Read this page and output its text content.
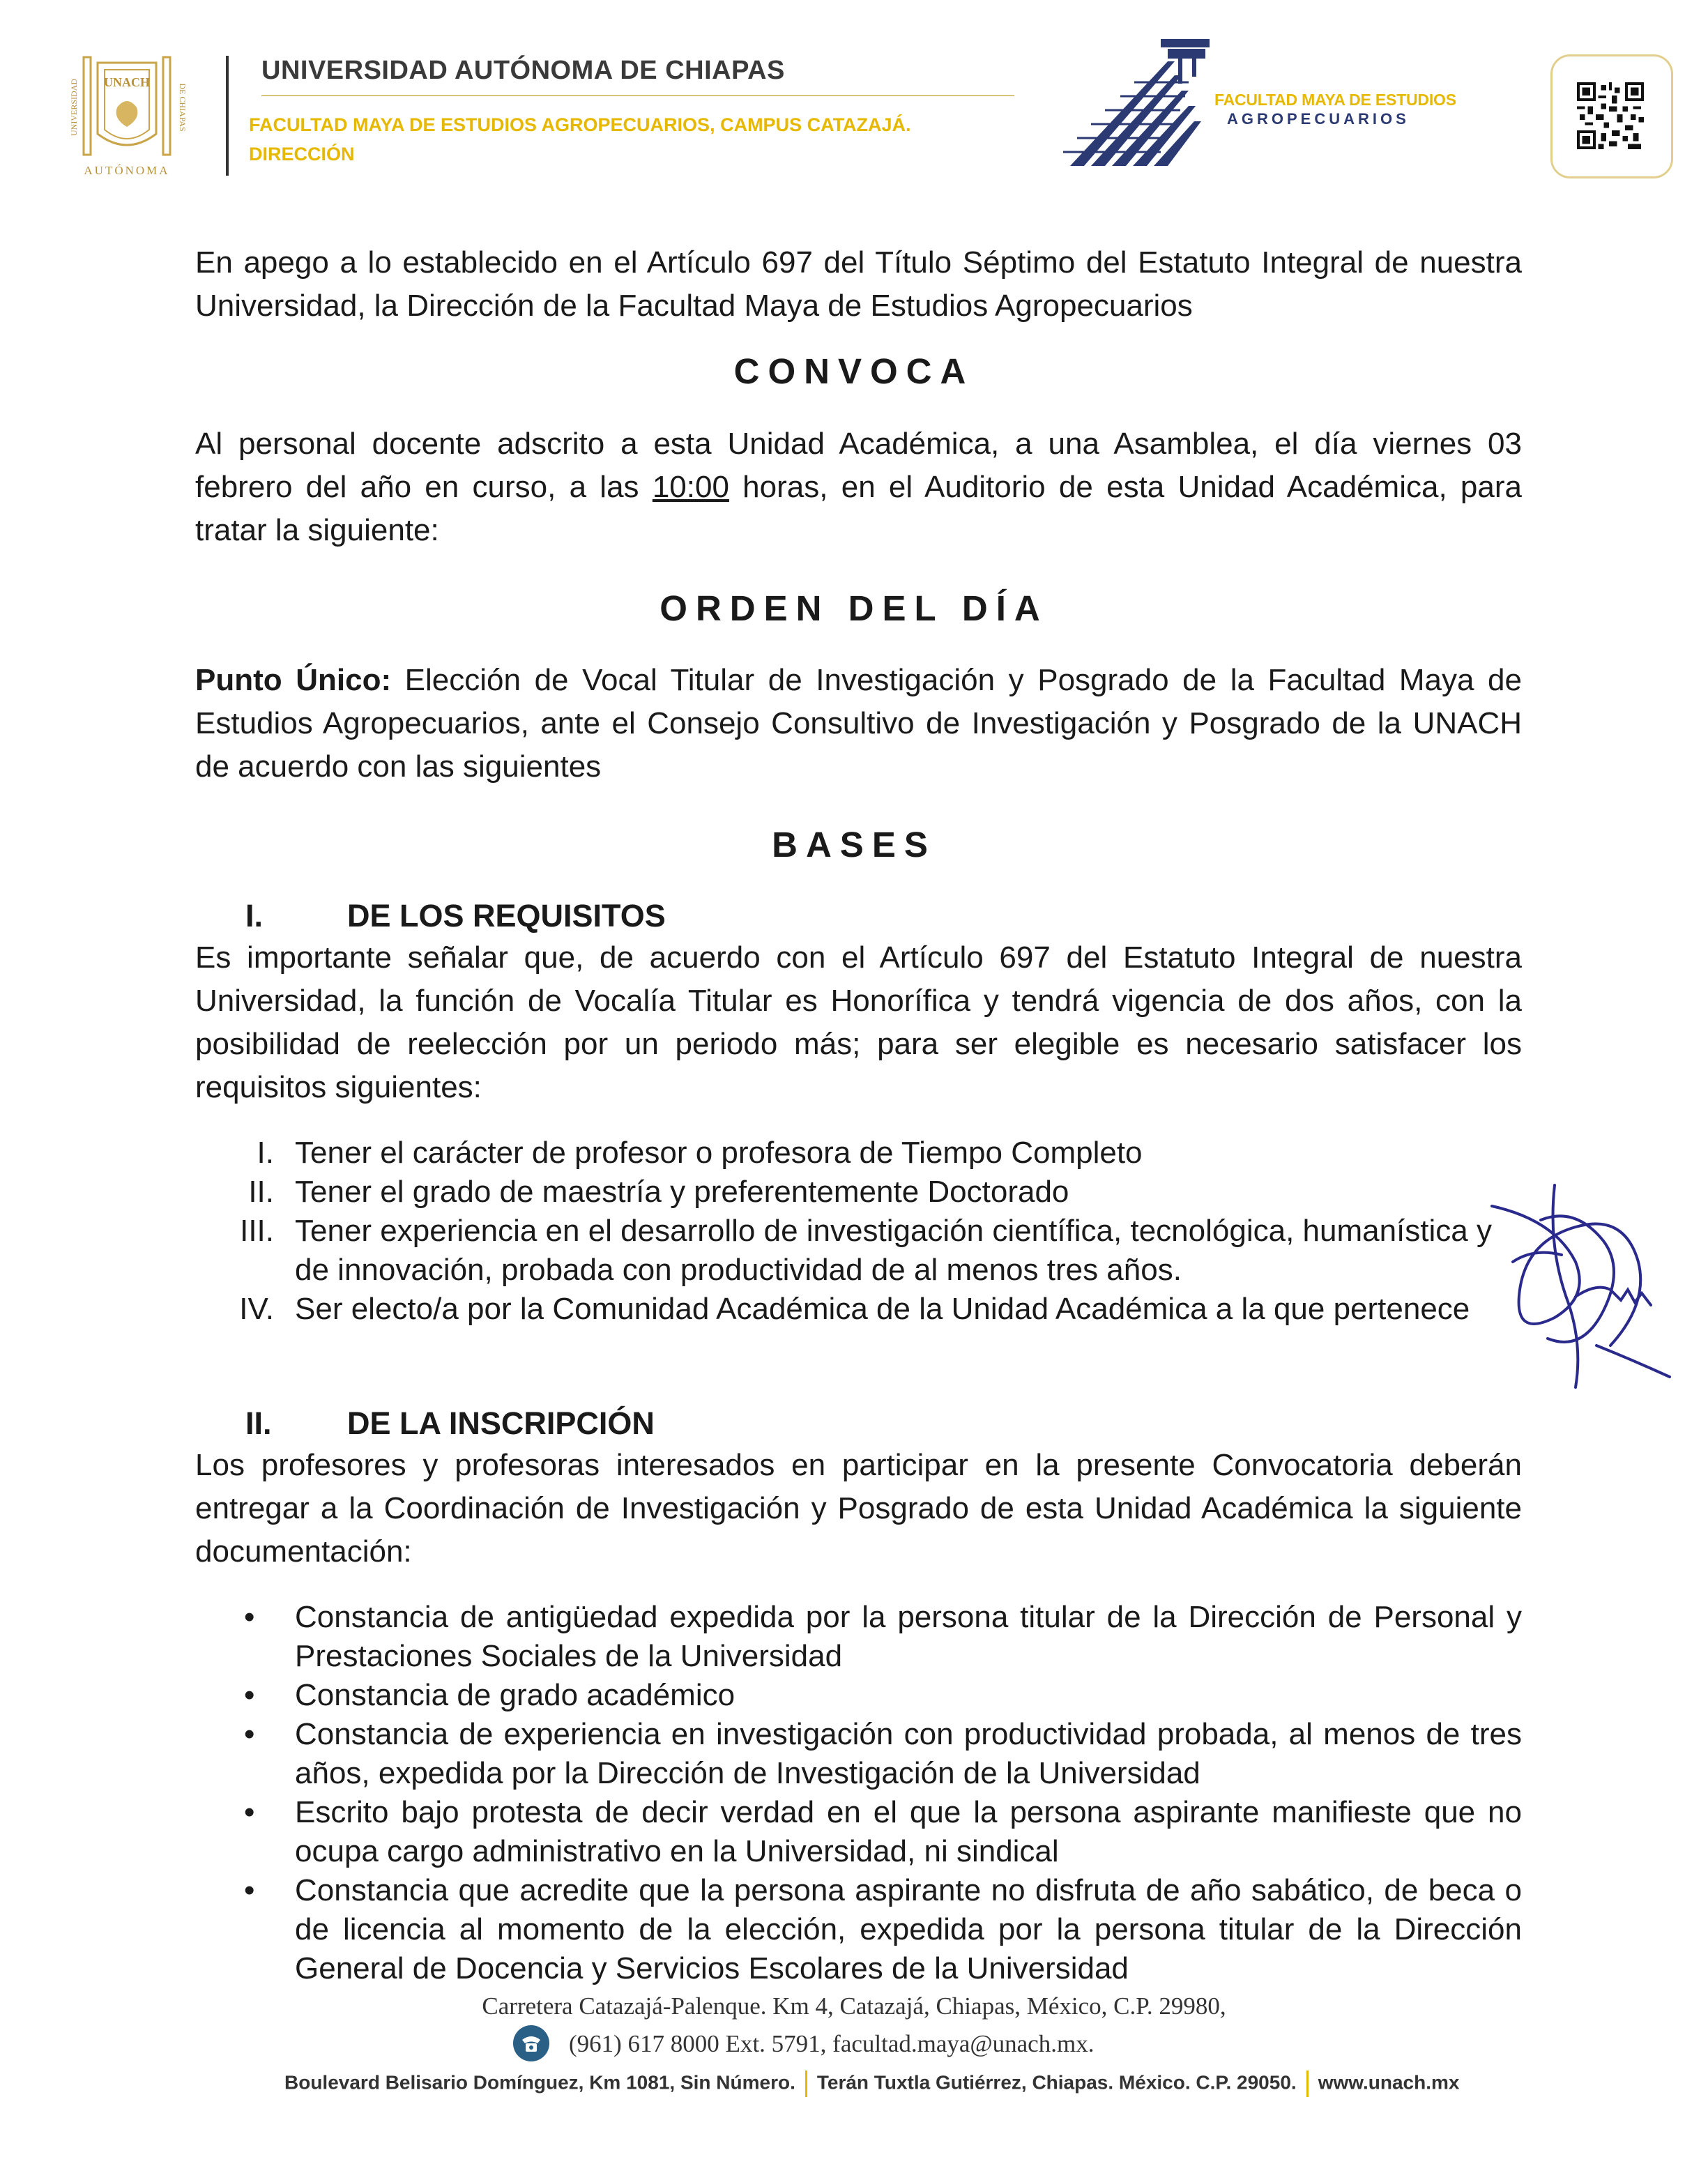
UNACH
UNIVERSIDAD	DE CHIAPAS
AUTÓNOMA
UNIVERSIDAD AUTÓNOMA DE CHIAPAS
FACULTAD MAYA DE ESTUDIOS AGROPECUARIOS, CAMPUS CATAZAJÁ.
DIRECCIÓN
FACULTAD MAYA DE ESTUDIOS
AGROPECUARIOS
En apego a lo establecido en el Artículo 697 del Título Séptimo del Estatuto Integral de nuestra Universidad, la Dirección de la Facultad Maya de Estudios Agropecuarios
CONVOCA
Al personal docente adscrito a esta Unidad Académica, a una Asamblea, el día viernes 03 febrero del año en curso, a las 10:00 horas, en el Auditorio de esta Unidad Académica, para tratar la siguiente:
ORDEN DEL DÍA
Punto Único: Elección de Vocal Titular de Investigación y Posgrado de la Facultad Maya de Estudios Agropecuarios, ante el Consejo Consultivo de Investigación y Posgrado de la UNACH de acuerdo con las siguientes
BASES
I.	DE LOS REQUISITOS
Es importante señalar que, de acuerdo con el Artículo 697 del Estatuto Integral de nuestra Universidad, la función de Vocalía Titular es Honorífica y tendrá vigencia de dos años, con la posibilidad de reelección por un periodo más; para ser elegible es necesario satisfacer los requisitos siguientes:
I. Tener el carácter de profesor o profesora de Tiempo Completo
II. Tener el grado de maestría y preferentemente Doctorado
III. Tener experiencia en el desarrollo de investigación científica, tecnológica, humanística y de innovación, probada con productividad de al menos tres años.
IV. Ser electo/a por la Comunidad Académica de la Unidad Académica a la que pertenece
II. DE LA INSCRIPCIÓN
Los profesores y profesoras interesados en participar en la presente Convocatoria deberán entregar a la Coordinación de Investigación y Posgrado de esta Unidad Académica la siguiente documentación:
• Constancia de antigüedad expedida por la persona titular de la Dirección de Personal y Prestaciones Sociales de la Universidad
• Constancia de grado académico
• Constancia de experiencia en investigación con productividad probada, al menos de tres años, expedida por la Dirección de Investigación de la Universidad
• Escrito bajo protesta de decir verdad en el que la persona aspirante manifieste que no ocupa cargo administrativo en la Universidad, ni sindical
• Constancia que acredite que la persona aspirante no disfruta de año sabático, de beca o de licencia al momento de la elección, expedida por la persona titular de la Dirección General de Docencia y Servicios Escolares de la Universidad
Carretera Catazajá-Palenque. Km 4, Catazajá, Chiapas, México, C.P. 29980,
(961) 617 8000 Ext. 5791, facultad.maya@unach.mx.
Boulevard Belisario Domínguez, Km 1081, Sin Número. Terán Tuxtla Gutiérrez, Chiapas. México. C.P. 29050. www.unach.mx
